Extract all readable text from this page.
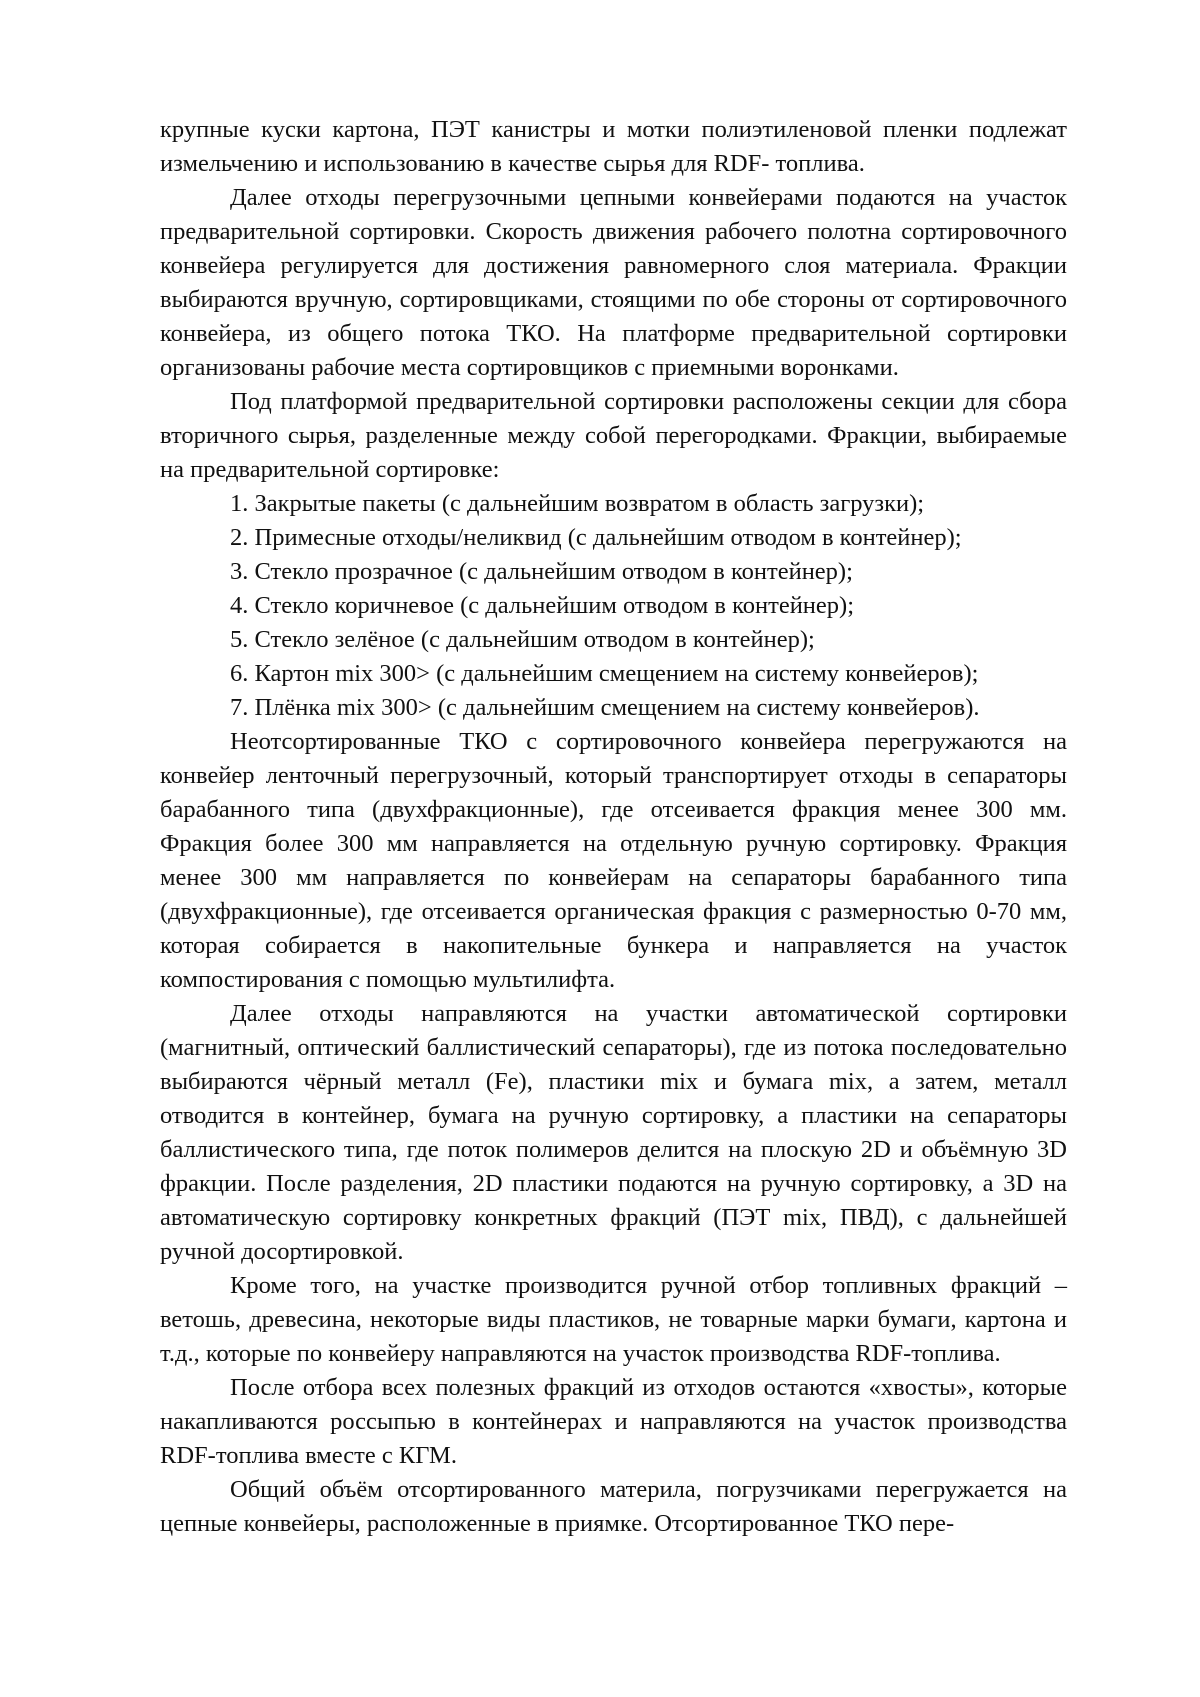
крупные куски картона, ПЭТ канистры и мотки полиэтиленовой пленки подлежат измельчению и использованию в качестве сырья для RDF- топлива.

Далее отходы перегрузочными цепными конвейерами подаются на участок предварительной сортировки. Скорость движения рабочего полотна сортировочного конвейера регулируется для достижения равномерного слоя материала. Фракции выбираются вручную, сортировщиками, стоящими по обе стороны от сортировочного конвейера, из общего потока ТКО. На платформе предварительной сортировки организованы рабочие места сортировщиков с приемными воронками.

Под платформой предварительной сортировки расположены секции для сбора вторичного сырья, разделенные между собой перегородками. Фракции, выбираемые на предварительной сортировке:

1. Закрытые пакеты (с дальнейшим возвратом в область загрузки);
2. Примесные отходы/неликвид (с дальнейшим отводом в контейнер);
3. Стекло прозрачное (с дальнейшим отводом в контейнер);
4. Стекло коричневое (с дальнейшим отводом в контейнер);
5. Стекло зелёное (с дальнейшим отводом в контейнер);
6. Картон mix 300> (с дальнейшим смещением на систему конвейеров);
7. Плёнка mix 300> (с дальнейшим смещением на систему конвейеров).

Неотсортированные ТКО с сортировочного конвейера перегружаются на конвейер ленточный перегрузочный, который транспортирует отходы в сепараторы барабанного типа (двухфракционные), где отсеивается фракция менее 300 мм. Фракция более 300 мм направляется на отдельную ручную сортировку. Фракция менее 300 мм направляется по конвейерам на сепараторы барабанного типа (двухфракционные), где отсеивается органическая фракция с размерностью 0-70 мм, которая собирается в накопительные бункера и направляется на участок компостирования с помощью мультилифта.

Далее отходы направляются на участки автоматической сортировки (магнитный, оптический баллистический сепараторы), где из потока последовательно выбираются чёрный металл (Fe), пластики mix и бумага mix, а затем, металл отводится в контейнер, бумага на ручную сортировку, а пластики на сепараторы баллистического типа, где поток полимеров делится на плоскую 2D и объёмную 3D фракции. После разделения, 2D пластики подаются на ручную сортировку, а 3D на автоматическую сортировку конкретных фракций (ПЭТ mix, ПВД), с дальнейшей ручной досортировкой.

Кроме того, на участке производится ручной отбор топливных фракций – ветошь, древесина, некоторые виды пластиков, не товарные марки бумаги, картона и т.д., которые по конвейеру направляются на участок производства RDF-топлива.

После отбора всех полезных фракций из отходов остаются «хвосты», которые накапливаются россыпью в контейнерах и направляются на участок производства RDF-топлива вместе с КГМ.

Общий объём отсортированного материла, погрузчиками перегружается на цепные конвейеры, расположенные в приямке. Отсортированное ТКО пере-
